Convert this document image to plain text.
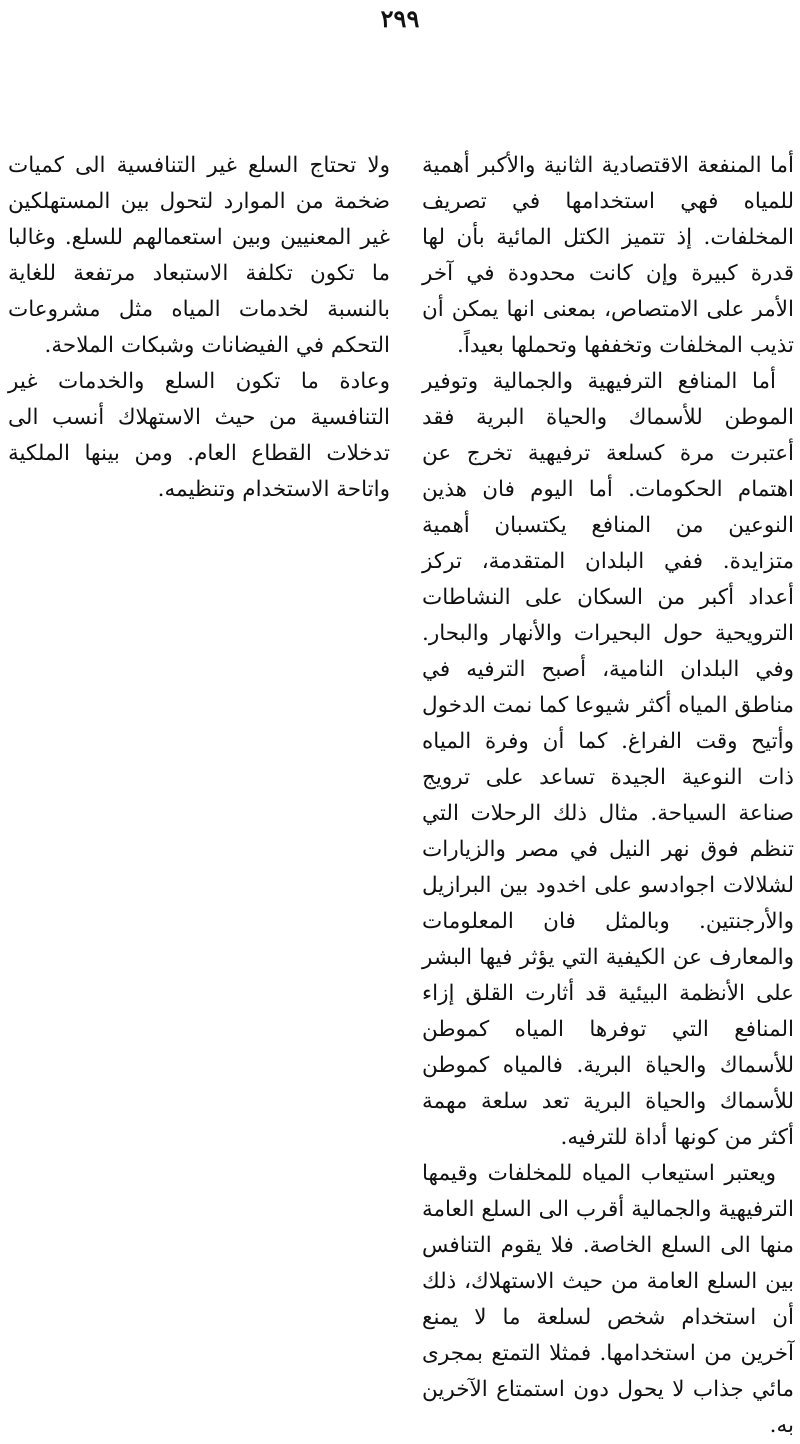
٢٩٩

أما المنفعة الاقتصادية الثانية والأكبر أهمية للمياه فهي استخدامها في تصريف المخلفات. إذ تتميز الكتل المائية بأن لها قدرة كبيرة وإن كانت محدودة في آخر الأمر على الامتصاص، بمعنى انها يمكن أن تذيب المخلفات وتخففها وتحملها بعيداً.

أما المنافع الترفيهية والجمالية وتوفير الموطن للأسماك والحياة البرية فقد أعتبرت مرة كسلعة ترفيهية تخرج عن اهتمام الحكومات. أما اليوم فان هذين النوعين من المنافع يكتسبان أهمية متزايدة. ففي البلدان المتقدمة، تركز أعداد أكبر من السكان على النشاطات الترويحية حول البحيرات والأنهار والبحار. وفي البلدان النامية، أصبح الترفيه في مناطق المياه أكثر شيوعا كما نمت الدخول وأتيح وقت الفراغ. كما أن وفرة المياه ذات النوعية الجيدة تساعد على ترويج صناعة السياحة. مثال ذلك الرحلات التي تنظم فوق نهر النيل في مصر والزيارات لشلالات اجوادسو على اخدود بين البرازيل والأرجنتين. وبالمثل فان المعلومات والمعارف عن الكيفية التي يؤثر فيها البشر على الأنظمة البيئية قد أثارت القلق إزاء المنافع التي توفرها المياه كموطن للأسماك والحياة البرية. فالمياه كموطن للأسماك والحياة البرية تعد سلعة مهمة أكثر من كونها أداة للترفيه.

ويعتبر استيعاب المياه للمخلفات وقيمها الترفيهية والجمالية أقرب الى السلع العامة منها الى السلع الخاصة. فلا يقوم التنافس بين السلع العامة من حيث الاستهلاك، ذلك أن استخدام شخص لسلعة ما لا يمنع آخرين من استخدامها. فمثلا التمتع بمجرى مائي جذاب لا يحول دون استمتاع الآخرين به.

ولا تحتاج السلع غير التنافسية الى كميات ضخمة من الموارد لتحول بين المستهلكين غير المعنيين وبين استعمالهم للسلع. وغالبا ما تكون تكلفة الاستبعاد مرتفعة للغاية بالنسبة لخدمات المياه مثل مشروعات التحكم في الفيضانات وشبكات الملاحة.

وعادة ما تكون السلع والخدمات غير التنافسية من حيث الاستهلاك أنسب الى تدخلات القطاع العام. ومن بينها الملكية واتاحة الاستخدام وتنظيمه.
